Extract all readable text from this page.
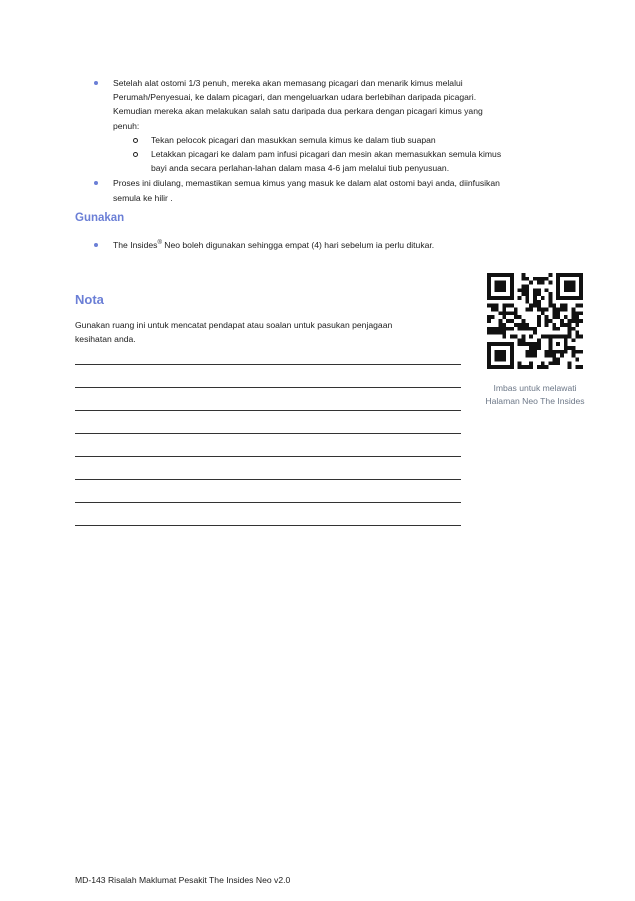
Setelah alat ostomi 1/3 penuh, mereka akan memasang picagari dan menarik kimus melalui
Perumah/Penyesuai, ke dalam picagari, dan mengeluarkan udara berlebihan daripada picagari.
Kemudian mereka akan melakukan salah satu daripada dua perkara dengan picagari kimus yang
penuh:
Tekan pelocok picagari dan masukkan semula kimus ke dalam tiub suapan
Letakkan picagari ke dalam pam infusi picagari dan mesin akan memasukkan semula kimus
bayi anda secara perlahan-lahan dalam masa 4-6 jam melalui tiub penyusuan.
Proses ini diulang, memastikan semua kimus yang masuk ke dalam alat ostomi bayi anda, diinfusikan
semula ke hilir .
Gunakan
The Insides® Neo boleh digunakan sehingga empat (4) hari sebelum ia perlu ditukar.
Nota
Gunakan ruang ini untuk mencatat pendapat atau soalan untuk pasukan penjagaan
kesihatan anda.
Imbas untuk melawati
Halaman Neo The Insides
MD-143 Risalah Maklumat Pesakit The Insides Neo v2.0
